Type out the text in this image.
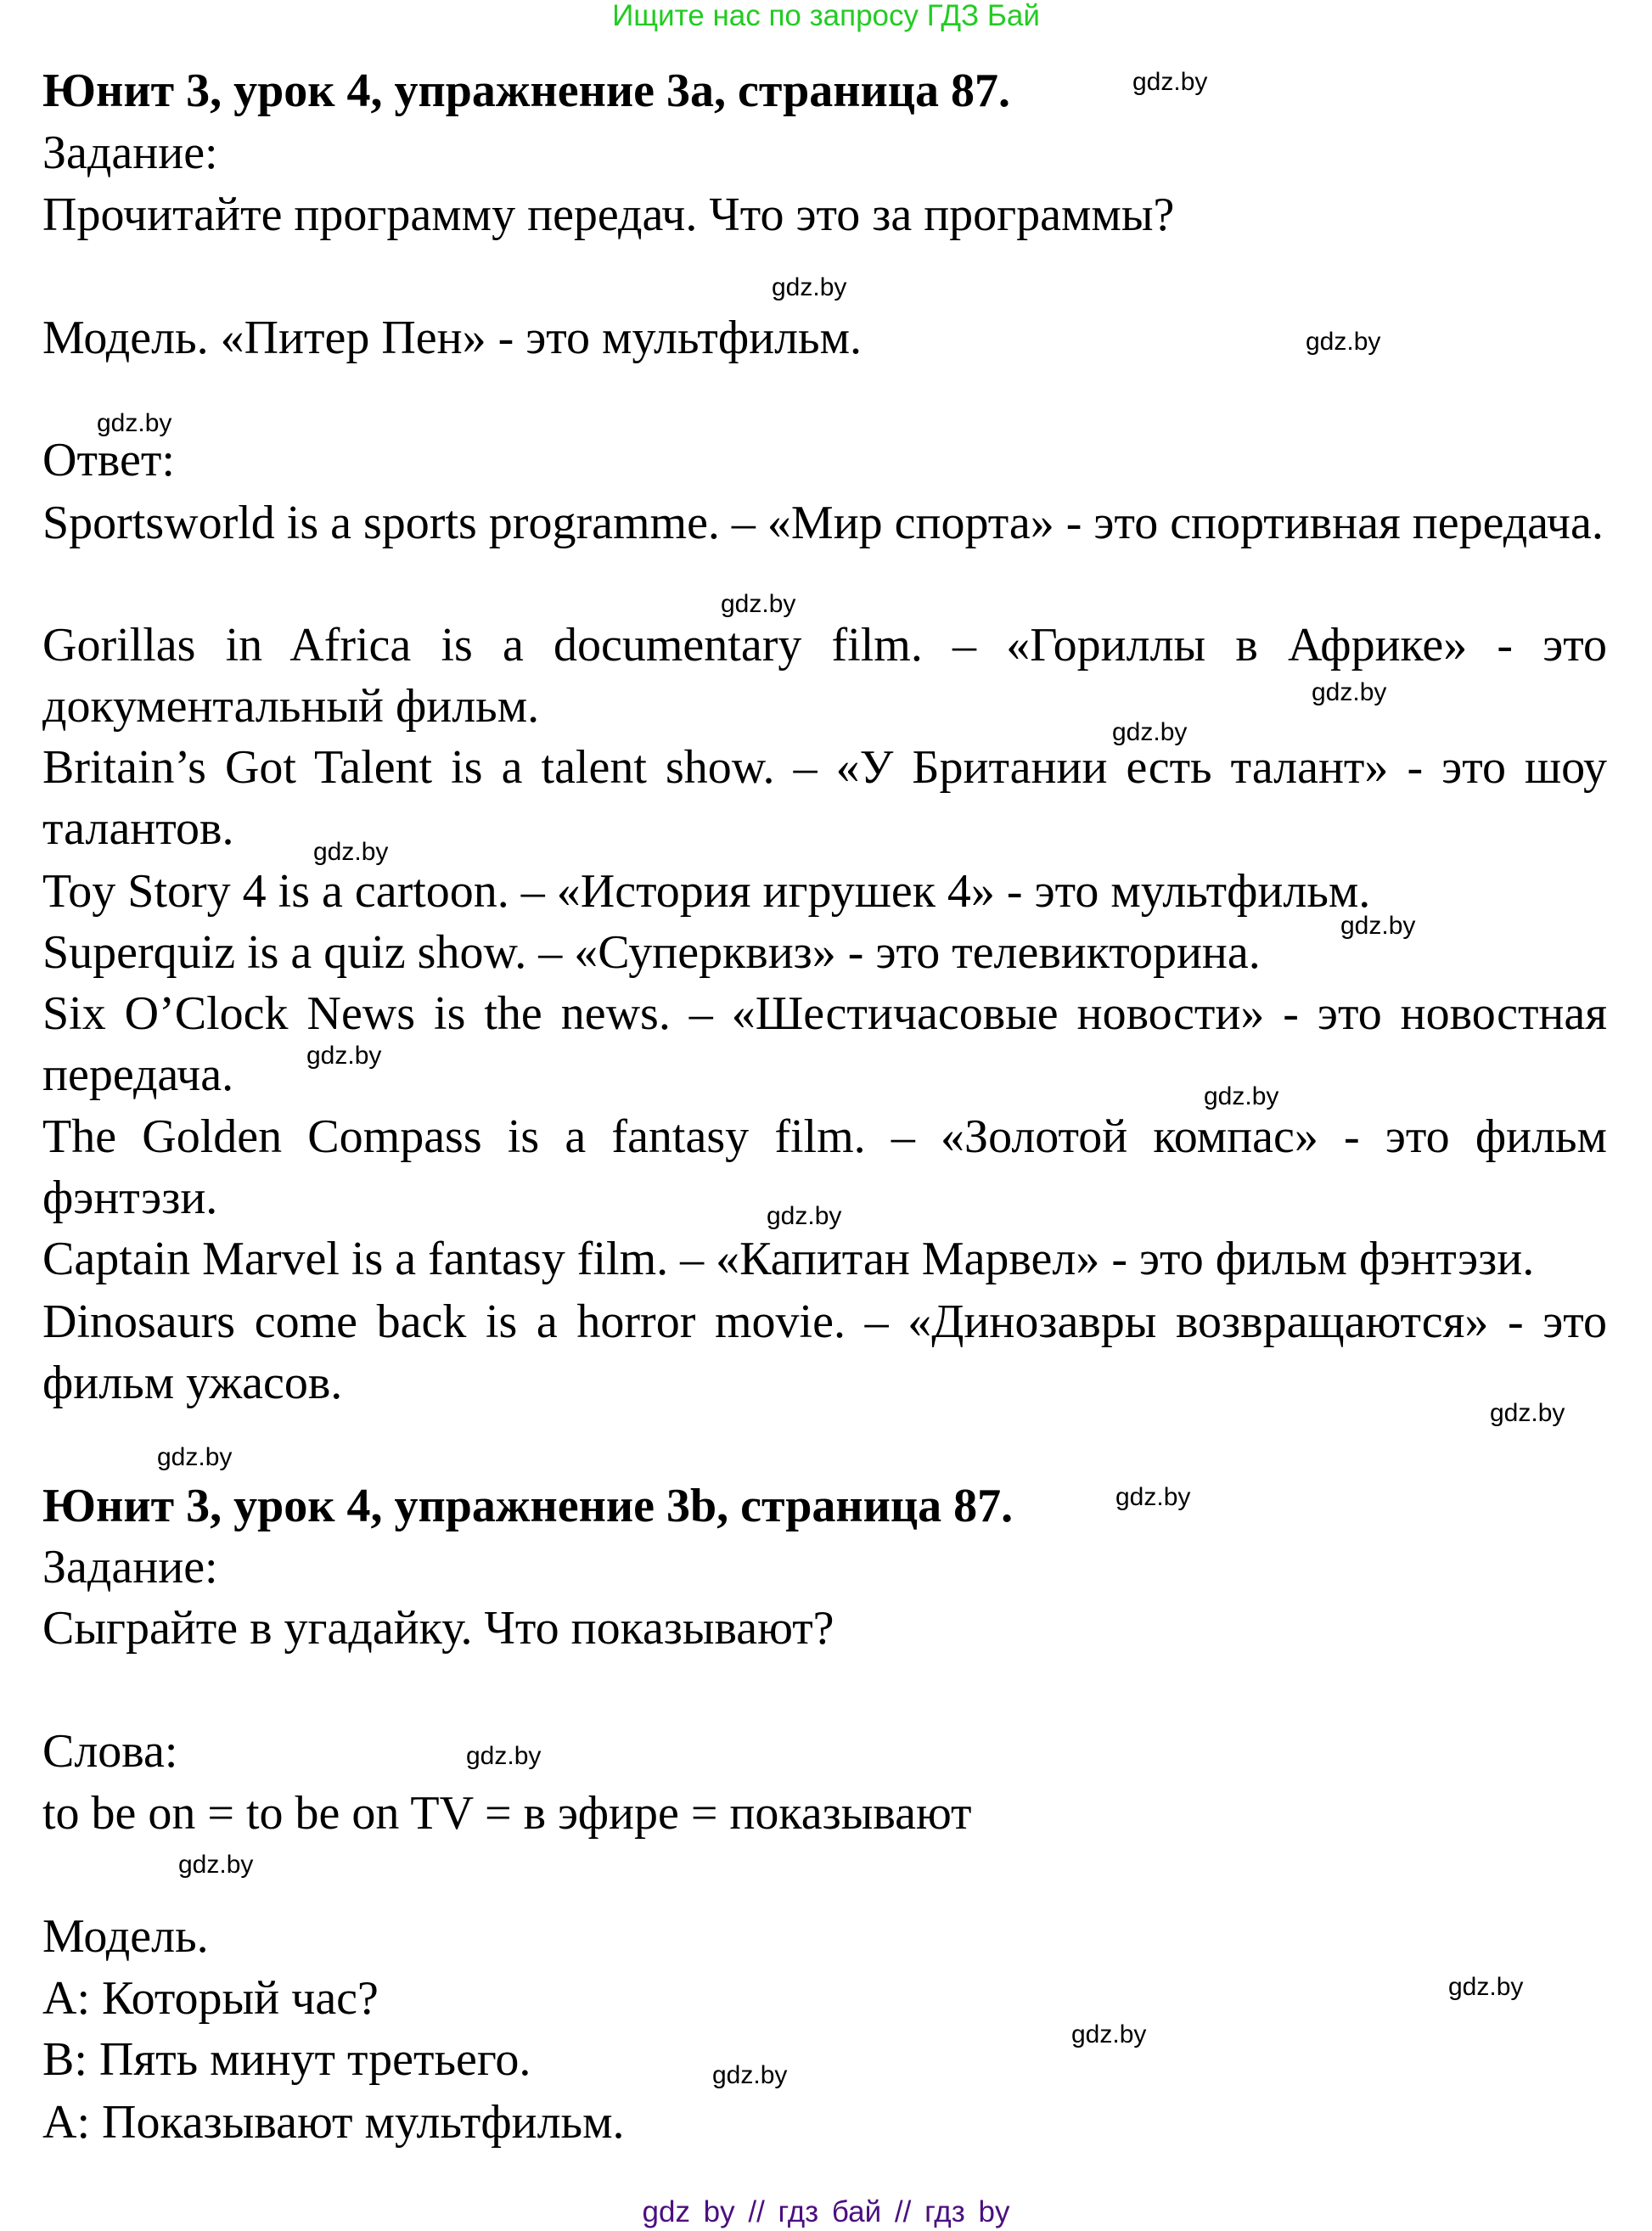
Ищите нас по запросу ГДЗ Бай
Юнит 3, урок 4, упражнение 3а, страница 87.
Задание:
Прочитайте программу передач. Что это за программы?
Модель. «Питер Пен» - это мультфильм.
Ответ:
Sportsworld is a sports programme. – «Мир спорта» - это спортивная передача.
Gorillas in Africa is a documentary film. – «Гориллы в Африке» - это документальный фильм.
Britain’s Got Talent is a talent show. – «У Британии есть талант» - это шоу талантов.
Toy Story 4 is a cartoon. – «История игрушек 4» - это мультфильм.
Superquiz is a quiz show. – «Суперквиз» - это телевикторина.
Six O’Clock News is the news. – «Шестичасовые новости» - это новостная передача.
The Golden Compass is a fantasy film. – «Золотой компас» - это фильм фэнтэзи.
Captain Marvel is a fantasy film. – «Капитан Марвел» - это фильм фэнтэзи.
Dinosaurs come back is a horror movie. – «Динозавры возвращаются» - это фильм ужасов.
Юнит 3, урок 4, упражнение 3b, страница 87.
Задание:
Сыграйте в угадайку. Что показывают?
Слова:
to be on = to be on TV = в эфире = показывают
Модель.
A: Который час?
B: Пять минут третьего.
A: Показывают мультфильм.
gdz.by
gdz.by
gdz.by
gdz.by
gdz.by
gdz.by
gdz.by
gdz.by
gdz.by
gdz.by
gdz.by
gdz.by
gdz.by
gdz.by
gdz.by
gdz.by
gdz.by
gdz.by
gdz.by
gdz.by
gdz by // гдз бай // гдз by
